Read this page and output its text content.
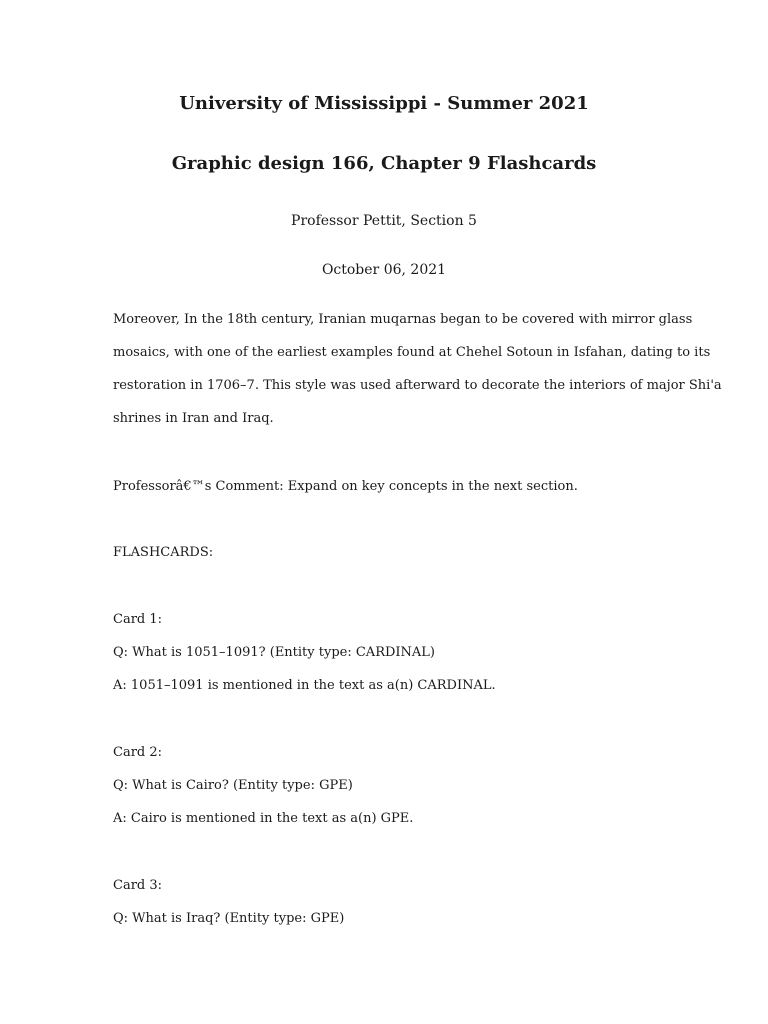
University of Mississippi - Summer 2021
Graphic design 166, Chapter 9 Flashcards
Professor Pettit, Section 5
October 06, 2021
Moreover, In the 18th century, Iranian muqarnas began to be covered with mirror glass
mosaics, with one of the earliest examples found at Chehel Sotoun in Isfahan, dating to its
restoration in 1706–7. This style was used afterward to decorate the interiors of major Shi'a
shrines in Iran and Iraq.
Professorâ€™s Comment: Expand on key concepts in the next section.
FLASHCARDS:
Card 1:
Q: What is 1051–1091? (Entity type: CARDINAL)
A: 1051–1091 is mentioned in the text as a(n) CARDINAL.
Card 2:
Q: What is Cairo? (Entity type: GPE)
A: Cairo is mentioned in the text as a(n) GPE.
Card 3:
Q: What is Iraq? (Entity type: GPE)
